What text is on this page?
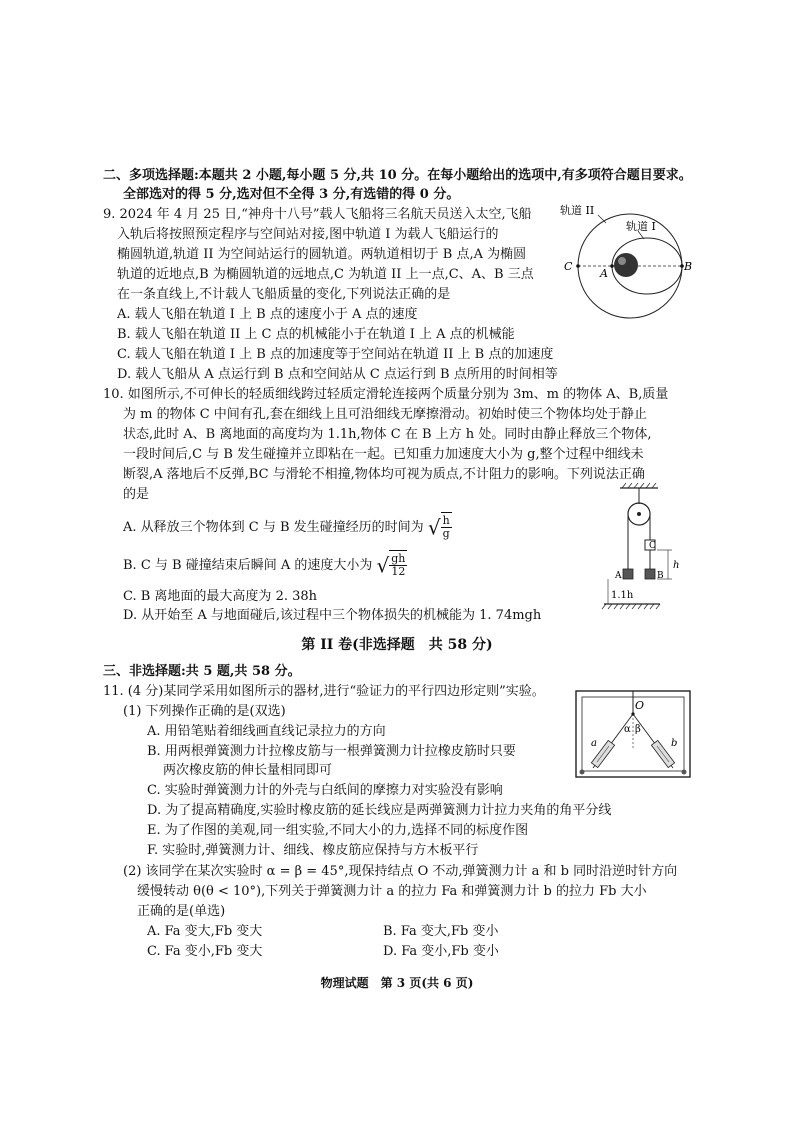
二、多项选择题:本题共 2 小题,每小题 5 分,共 10 分。在每小题给出的选项中,有多项符合题目要求。
全部选对的得 5 分,选对但不全得 3 分,有选错的得 0 分。
9. 2024 年 4 月 25 日,“神舟十八号”载人飞船将三名航天员送入太空,飞船
入轨后将按照预定程序与空间站对接,图中轨道 I 为载人飞船运行的
椭圆轨道,轨道 II 为空间站运行的圆轨道。两轨道相切于 B 点,A 为椭圆
轨道的近地点,B 为椭圆轨道的远地点,C 为轨道 II 上一点,C、A、B 三点
在一条直线上,不计载人飞船质量的变化,下列说法正确的是
A. 载人飞船在轨道 I 上 B 点的速度小于 A 点的速度
B. 载人飞船在轨道 II 上 C 点的机械能小于在轨道 I 上 A 点的机械能
C. 载人飞船在轨道 I 上 B 点的加速度等于空间站在轨道 II 上 B 点的加速度
D. 载人飞船从 A 点运行到 B 点和空间站从 C 点运行到 B 点所用的时间相等
轨道 II
轨道 I
C
A
B
10. 如图所示,不可伸长的轻质细线跨过轻质定滑轮连接两个质量分别为 3m、m 的物体 A、B,质量
为 m 的物体 C 中间有孔,套在细线上且可沿细线无摩擦滑动。初始时使三个物体均处于静止
状态,此时 A、B 离地面的高度均为 1.1h,物体 C 在 B 上方 h 处。同时由静止释放三个物体,
一段时间后,C 与 B 发生碰撞并立即粘在一起。已知重力加速度大小为 g,整个过程中细线未
断裂,A 落地后不反弹,BC 与滑轮不相撞,物体均可视为质点,不计阻力的影响。下列说法正确
的是
A. 从释放三个物体到 C 与 B 发生碰撞经历的时间为 √ $\frac{h}{g}$
B. C 与 B 碰撞结束后瞬间 A 的速度大小为 √ $\frac{gh}{12}$
C. B 离地面的最大高度为 2. 38h
D. 从开始至 A 与地面碰后,该过程中三个物体损失的机械能为 1. 74mgh
C
A	B
h
1.1h
第 II 卷(非选择题　共 58 分)
三、非选择题:共 5 题,共 58 分。
11. (4 分)某同学采用如图所示的器材,进行“验证力的平行四边形定则”实验。
(1) 下列操作正确的是(双选)
A. 用铅笔贴着细线画直线记录拉力的方向
B. 用两根弹簧测力计拉橡皮筋与一根弹簧测力计拉橡皮筋时只要
两次橡皮筋的伸长量相同即可
C. 实验时弹簧测力计的外壳与白纸间的摩擦力对实验没有影响
D. 为了提高精确度,实验时橡皮筋的延长线应是两弹簧测力计拉力夹角的角平分线
E. 为了作图的美观,同一组实验,不同大小的力,选择不同的标度作图
F. 实验时,弹簧测力计、细线、橡皮筋应保持与方木板平行
(2) 该同学在某次实验时 α = β = 45°,现保持结点 O 不动,弹簧测力计 a 和 b 同时沿逆时针方向
缓慢转动 θ(θ < 10°),下列关于弹簧测力计 a 的拉力 Fa 和弹簧测力计 b 的拉力 Fb 大小
正确的是(单选)
A. Fa 变大,Fb 变大	B. Fa 变大,Fb 变小
C. Fa 变小,Fb 变大	D. Fa 变小,Fb 变小
O
α β
a	b
物理试题　第 3 页(共 6 页)
